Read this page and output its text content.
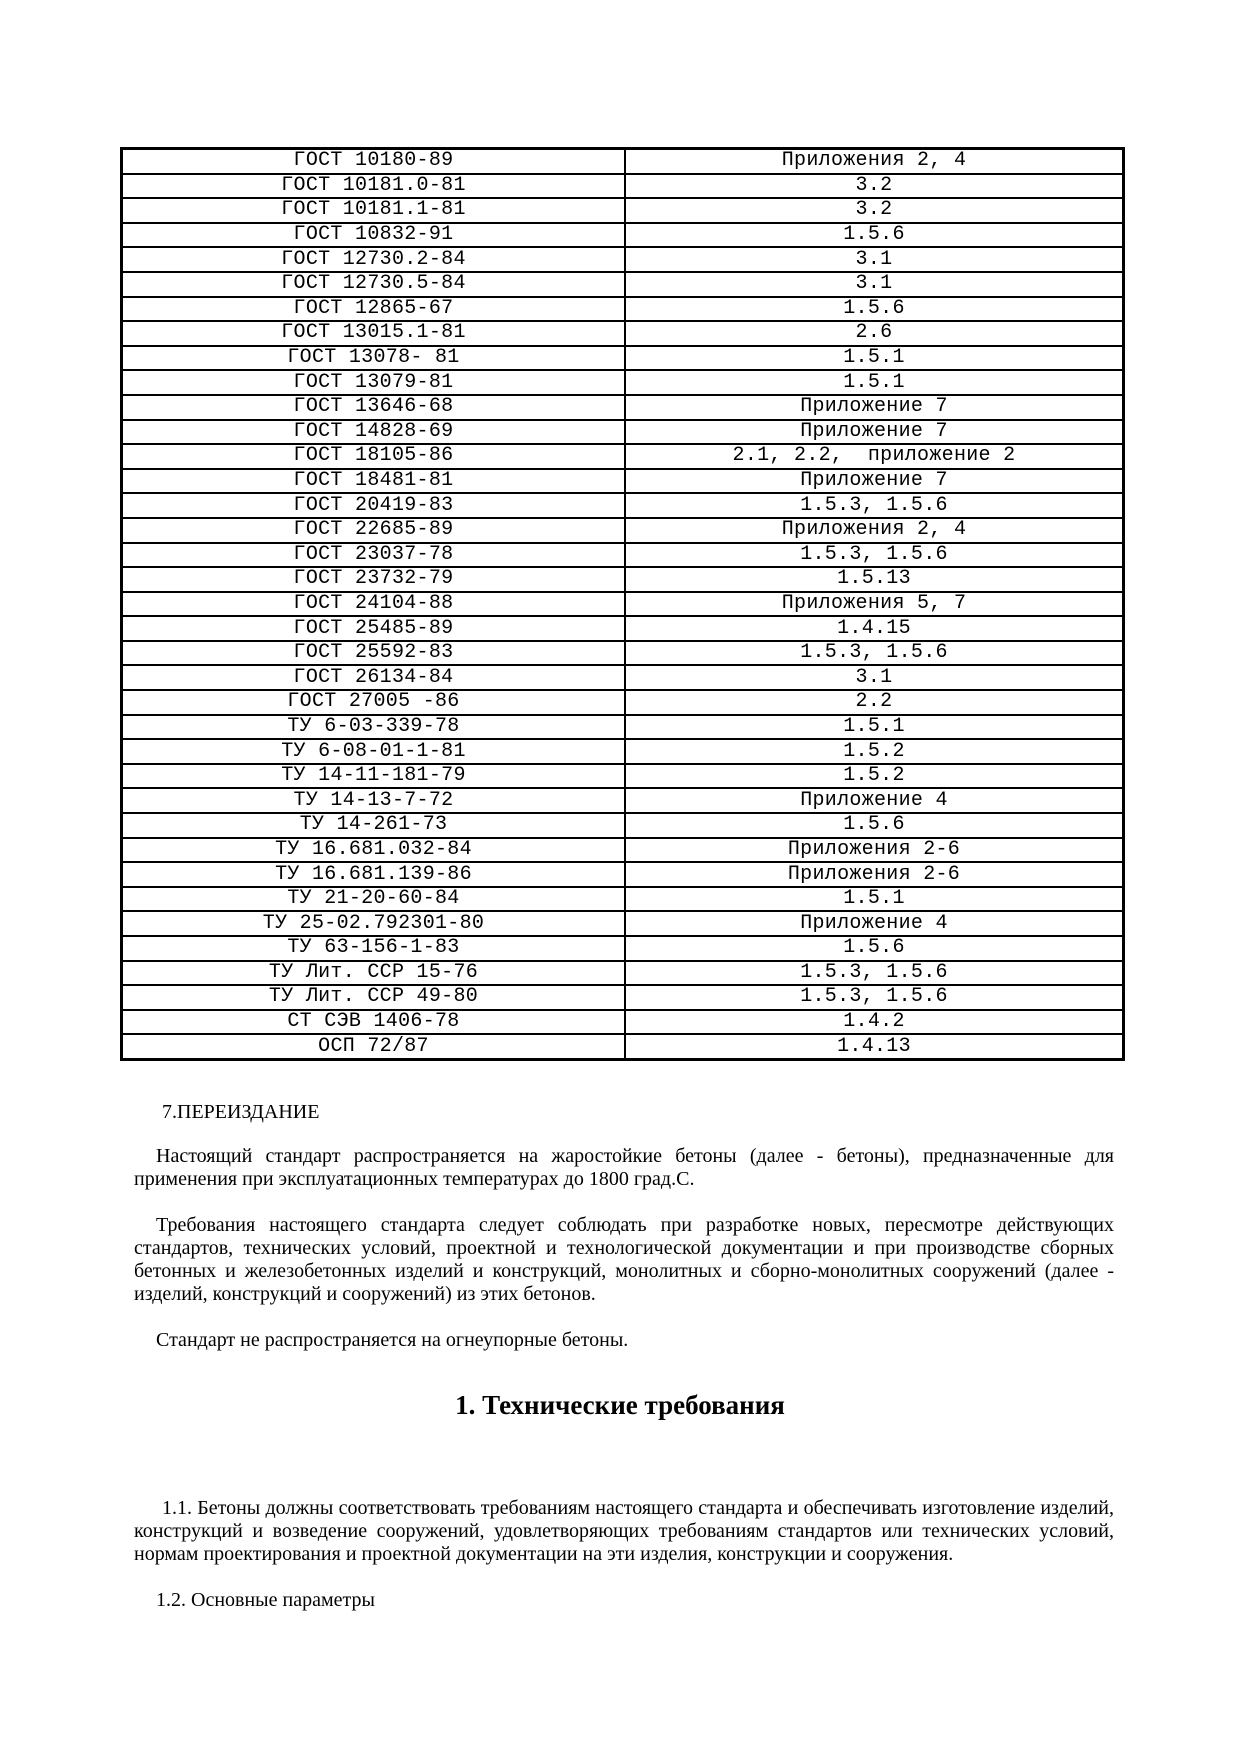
ГОСТ 10180-89	Приложения 2, 4
ГОСТ 10181.0-81	3.2
ГОСТ 10181.1-81	3.2
ГОСТ 10832-91	1.5.6
ГОСТ 12730.2-84	3.1
ГОСТ 12730.5-84	3.1
ГОСТ 12865-67	1.5.6
ГОСТ 13015.1-81	2.6
ГОСТ 13078- 81	1.5.1
ГОСТ 13079-81	1.5.1
ГОСТ 13646-68	Приложение 7
ГОСТ 14828-69	Приложение 7
ГОСТ 18105-86	2.1, 2.2,  приложение 2
ГОСТ 18481-81	Приложение 7
ГОСТ 20419-83	1.5.3, 1.5.6
ГОСТ 22685-89	Приложения 2, 4
ГОСТ 23037-78	1.5.3, 1.5.6
ГОСТ 23732-79	1.5.13
ГОСТ 24104-88	Приложения 5, 7
ГОСТ 25485-89	1.4.15
ГОСТ 25592-83	1.5.3, 1.5.6
ГОСТ 26134-84	3.1
ГОСТ 27005 -86	2.2
ТУ 6-03-339-78	1.5.1
ТУ 6-08-01-1-81	1.5.2
ТУ 14-11-181-79	1.5.2
ТУ 14-13-7-72	Приложение 4
ТУ 14-261-73	1.5.6
ТУ 16.681.032-84	Приложения 2-6
ТУ 16.681.139-86	Приложения 2-6
ТУ 21-20-60-84	1.5.1
ТУ 25-02.792301-80	Приложение 4
ТУ 63-156-1-83	1.5.6
ТУ Лит. ССР 15-76	1.5.3, 1.5.6
ТУ Лит. ССР 49-80	1.5.3, 1.5.6
СТ СЭВ 1406-78	1.4.2
ОСП 72/87	1.4.13
7.ПЕРЕИЗДАНИЕ
Настоящий стандарт распространяется на жаростойкие бетоны (далее - бетоны), предназначенные для применения при эксплуатационных температурах до 1800 град.С.
Требования настоящего стандарта следует соблюдать при разработке новых, пересмотре действующих стандартов, технических условий, проектной и технологической документации и при производстве сборных бетонных и железобетонных изделий и конструкций, монолитных и сборно-монолитных сооружений (далее - изделий, конструкций и сооружений) из этих бетонов.
Стандарт не распространяется на огнеупорные бетоны.
1. Технические требования
1.1. Бетоны должны соответствовать требованиям настоящего стандарта и обеспечивать изготовление изделий, конструкций и возведение сооружений, удовлетворяющих требованиям стандартов или технических условий, нормам проектирования и проектной документации на эти изделия, конструкции и сооружения.
1.2. Основные параметры
